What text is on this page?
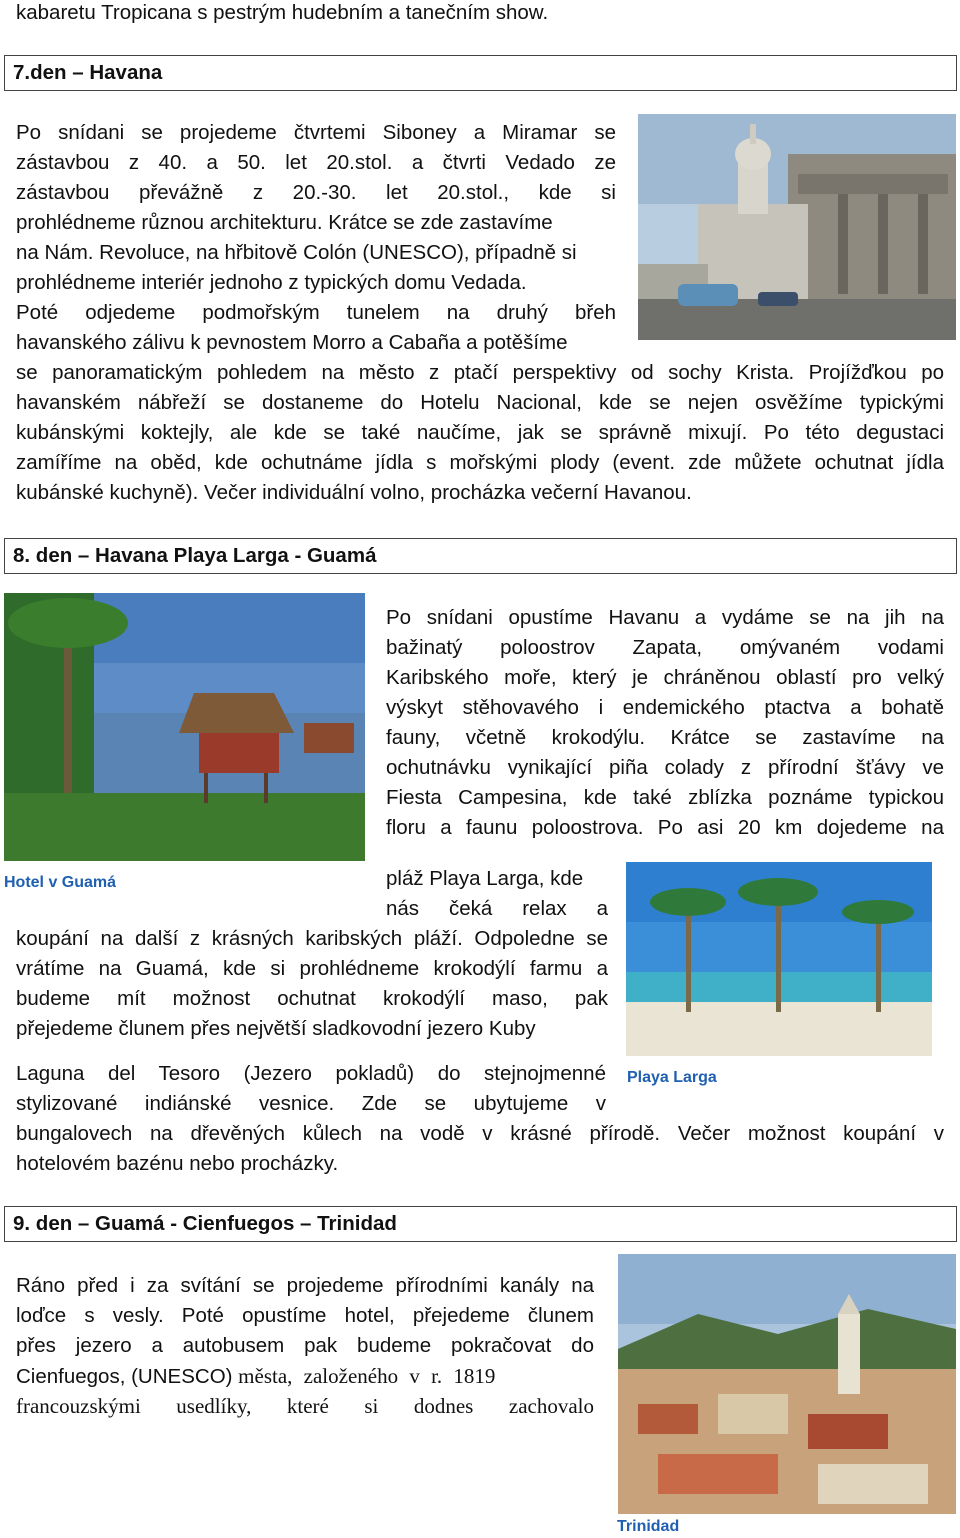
kabaretu Tropicana s pestrým hudebním a tanečním show.
7.den – Havana
Po snídani se projedeme čtvrtemi Siboney a Miramar se
zástavbou z 40. a 50. let 20.stol. a čtvrti Vedado ze
zástavbou převážně z 20.-30. let 20.stol., kde si
prohlédneme různou architekturu. Krátce se zde zastavíme
na Nám. Revoluce, na hřbitově Colón (UNESCO), případně si
prohlédneme interiér jednoho z typických domu Vedada.
Poté odjedeme podmořským tunelem na druhý břeh
havanského zálivu k pevnostem Morro a Cabaña a potěšíme
se panoramatickým pohledem na město z ptačí perspektivy od sochy Krista. Projížďkou po
havanském nábřeží se dostaneme do Hotelu Nacional, kde se nejen osvěžíme typickými
kubánskými koktejly, ale kde se také naučíme, jak se správně mixují. Po této degustaci
zamíříme na oběd, kde ochutnáme jídla s mořskými plody (event. zde můžete ochutnat jídla
kubánské kuchyně). Večer individuální volno, procházka večerní Havanou.
8. den – Havana Playa Larga - Guamá
Po snídani opustíme Havanu a vydáme se na jih na
bažinatý poloostrov Zapata, omývaném vodami
Karibského moře, který je chráněnou oblastí pro velký
výskyt stěhovavého i endemického ptactva a bohatě
fauny, včetně krokodýlu. Krátce se zastavíme na
ochutnávku vynikající piña colady z přírodní šťávy ve
Fiesta Campesina, kde také zblízka poznáme typickou
floru a faunu poloostrova. Po asi 20 km dojedeme na
Hotel v Guamá	pláž Playa Larga, kde
nás čeká relax a
koupání na další z krásných karibských pláží. Odpoledne se
vrátíme na Guamá, kde si prohlédneme krokodýlí farmu a
budeme mít možnost ochutnat krokodýlí maso, pak
přejedeme člunem přes největší sladkovodní jezero Kuby
Playa Larga
Laguna del Tesoro (Jezero pokladů) do stejnojmenné
stylizované indiánské vesnice. Zde se ubytujeme v
bungalovech na dřevěných kůlech na vodě v krásné přírodě. Večer možnost koupání v
hotelovém bazénu nebo procházky.
9. den – Guamá - Cienfuegos – Trinidad
Ráno před i za svítání se projedeme přírodními kanály na
loďce s vesly. Poté opustíme hotel, přejedeme člunem
přes jezero a autobusem pak budeme pokračovat do
Cienfuegos, (UNESCO) města, založeného v r. 1819
francouzskými usedlíky, které si dodnes zachovalo
Trinidad
